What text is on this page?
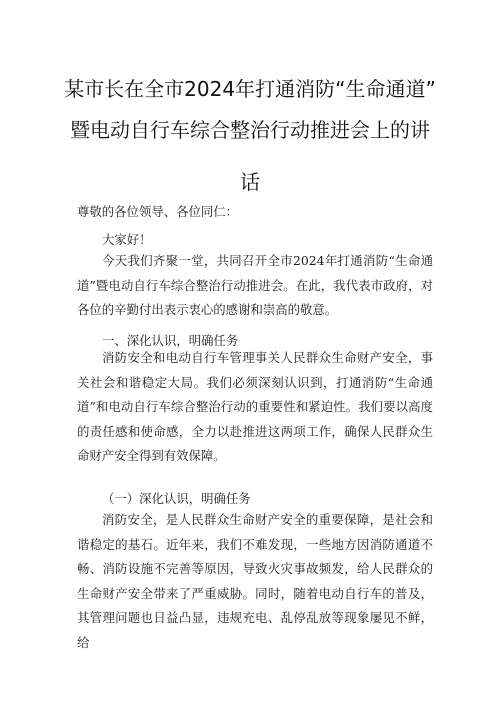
某市长在全市2024年打通消防“生命通道”
暨电动自行车综合整治行动推进会上的讲
话
尊敬的各位领导、各位同仁：
大家好！
今天我们齐聚一堂，共同召开全市2024年打通消防“生命通道”暨电动自行车综合整治行动推进会。在此，我代表市政府，对各位的辛勤付出表示衷心的感谢和崇高的敬意。
一、深化认识，明确任务
消防安全和电动自行车管理事关人民群众生命财产安全，事关社会和谐稳定大局。我们必须深刻认识到，打通消防“生命通道”和电动自行车综合整治行动的重要性和紧迫性。我们要以高度的责任感和使命感，全力以赴推进这两项工作，确保人民群众生命财产安全得到有效保障。
（一）深化认识，明确任务
消防安全，是人民群众生命财产安全的重要保障，是社会和谐稳定的基石。近年来，我们不难发现，一些地方因消防通道不畅、消防设施不完善等原因，导致火灾事故频发，给人民群众的生命财产安全带来了严重威胁。同时，随着电动自行车的普及，其管理问题也日益凸显，违规充电、乱停乱放等现象屡见不鲜，给
